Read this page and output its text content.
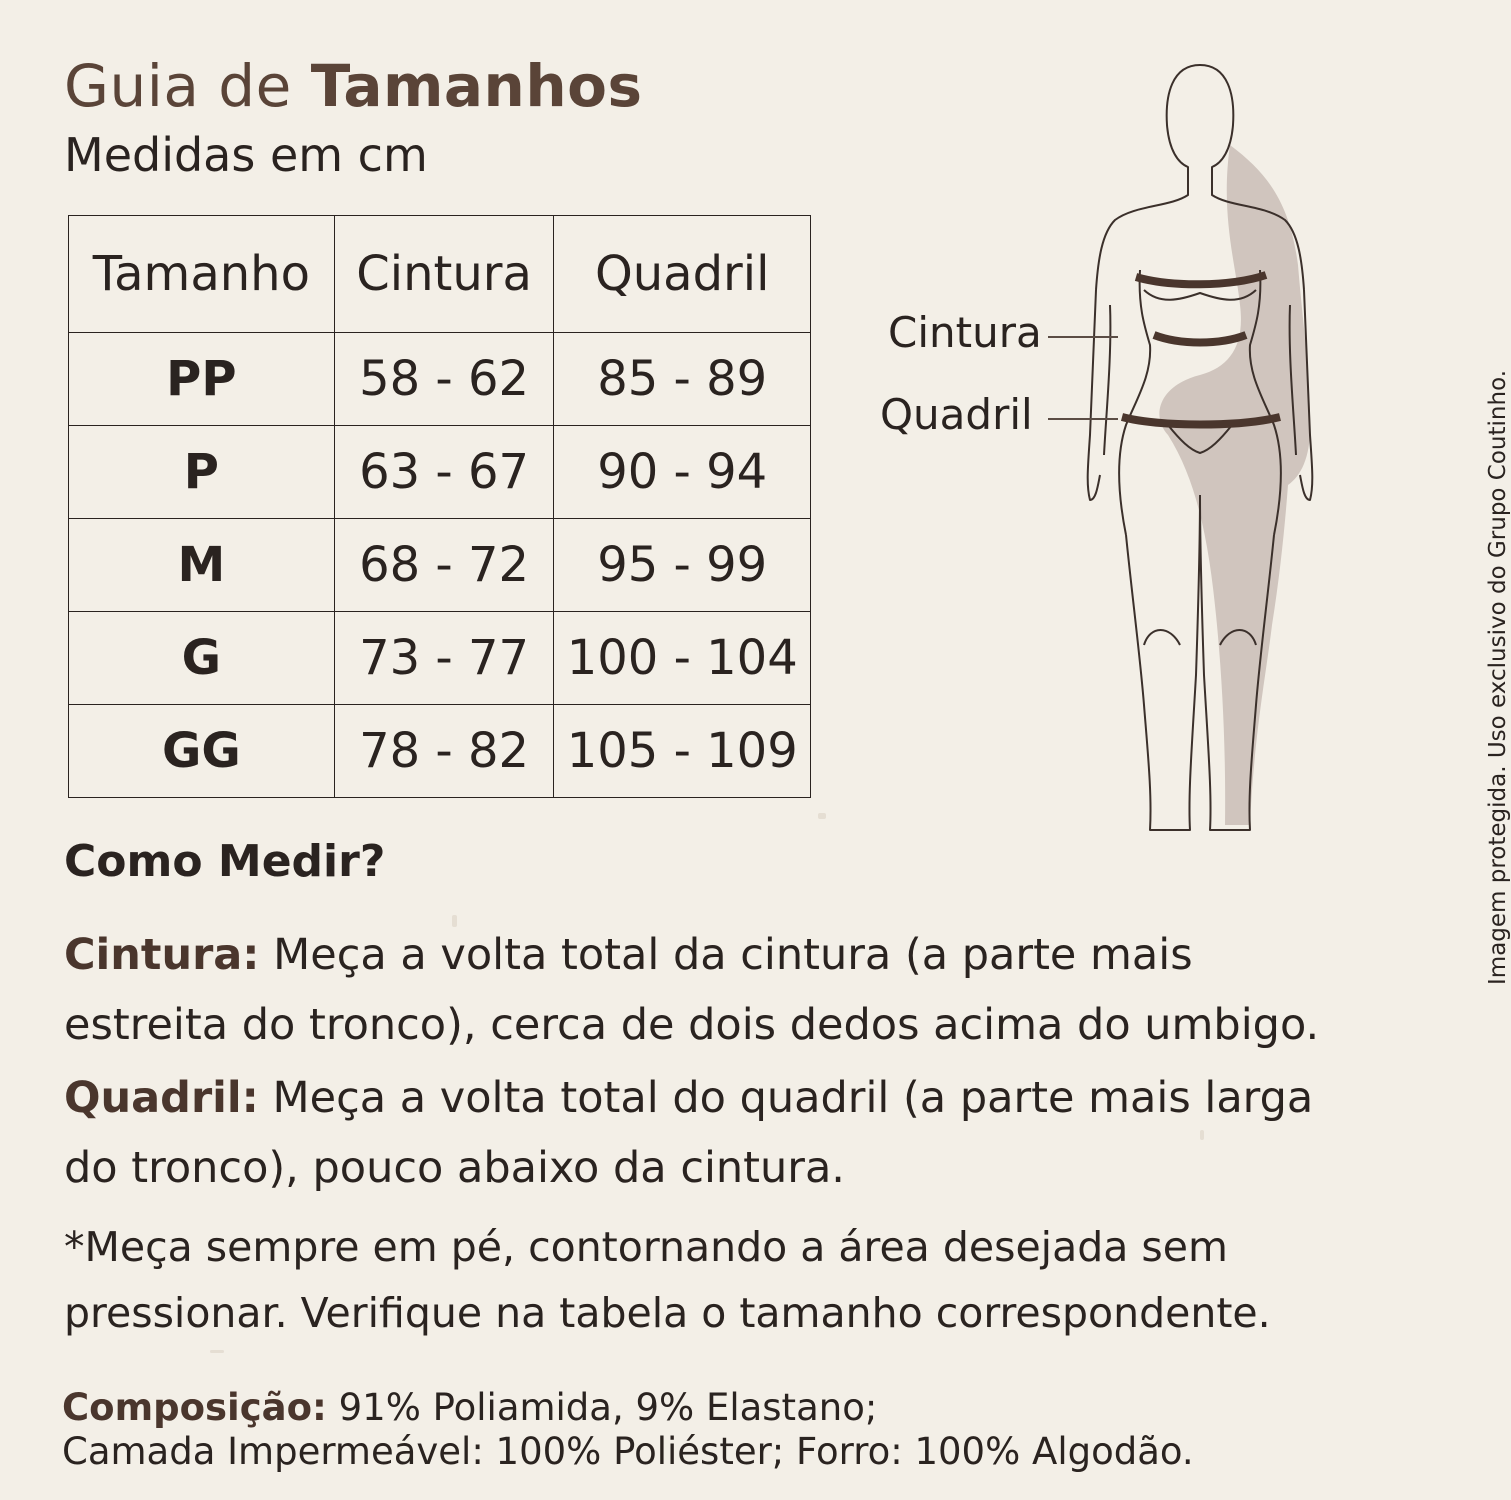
Guia de Tamanhos
Medidas em cm
Tamanho	Cintura	Quadril
PP	58 - 62	85 - 89
P	63 - 67	90 - 94
M	68 - 72	95 - 99
G	73 - 77	100 - 104
GG	78 - 82	105 - 109
Cintura
Quadril
Como Medir?

Cintura: Meça a volta total da cintura (a parte mais estreita do tronco), cerca de dois dedos acima do umbigo.

Quadril: Meça a volta total do quadril (a parte mais larga do tronco), pouco abaixo da cintura.

*Meça sempre em pé, contornando a área desejada sem pressionar. Verifique na tabela o tamanho correspondente.

Composição: 91% Poliamida, 9% Elastano;
Camada Impermeável: 100% Poliéster; Forro: 100% Algodão.

Imagem protegida. Uso exclusivo do Grupo Coutinho.
